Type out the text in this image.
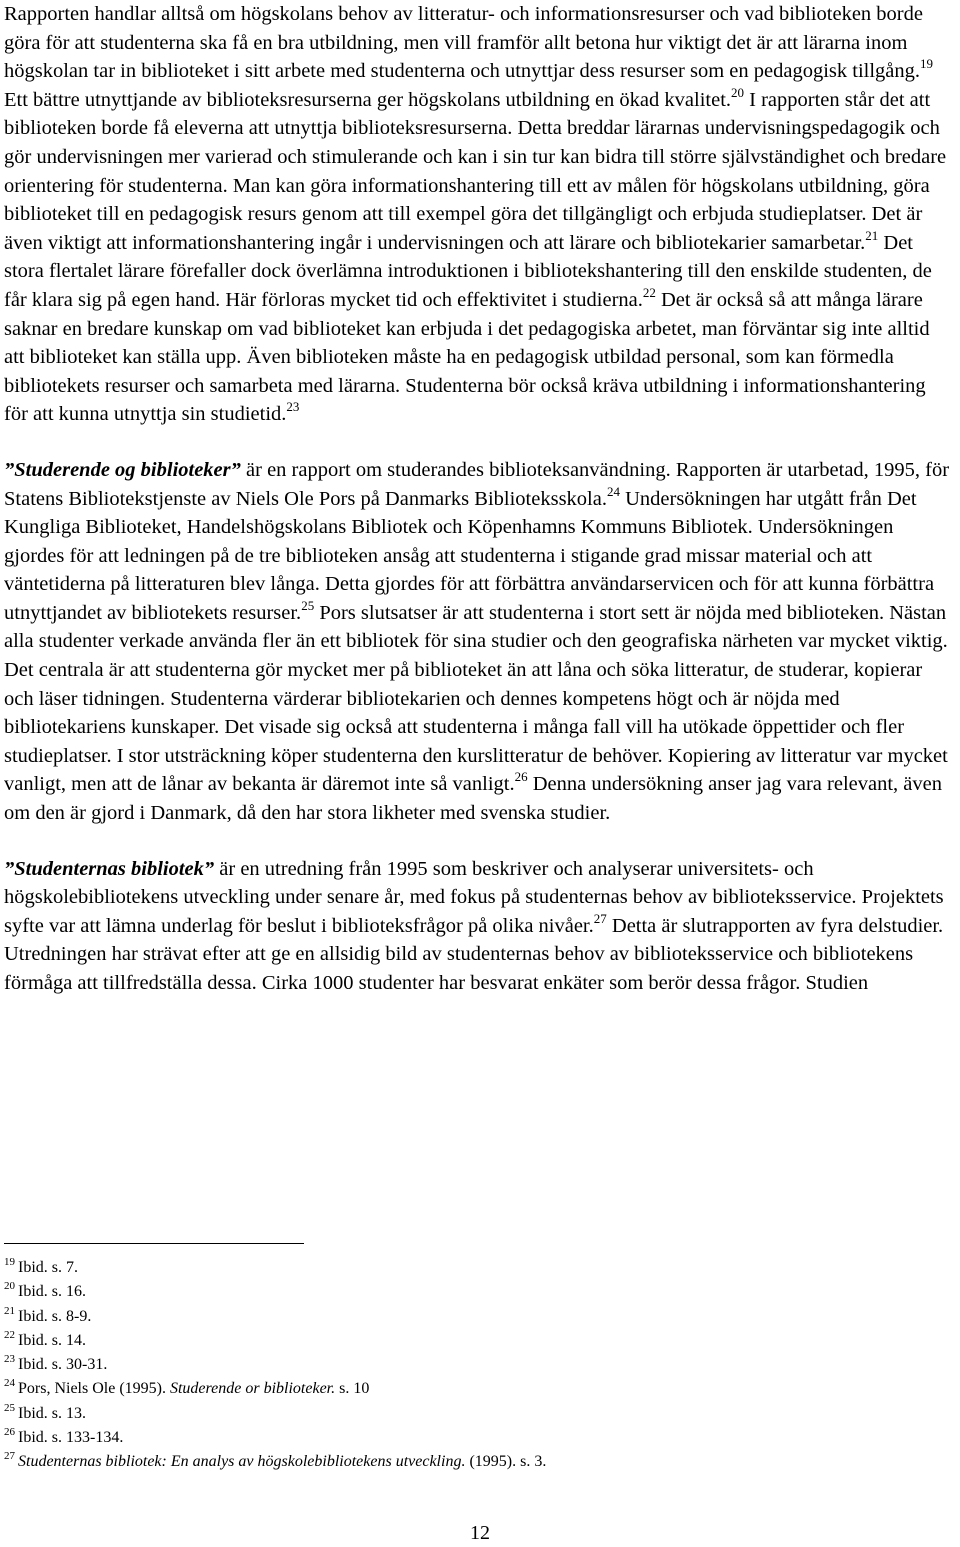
Rapporten handlar alltså om högskolans behov av litteratur- och informationsresurser och vad biblioteken borde göra för att studenterna ska få en bra utbildning, men vill framför allt betona hur viktigt det är att lärarna inom högskolan tar in biblioteket i sitt arbete med studenterna och utnyttjar dess resurser som en pedagogisk tillgång.$^{19}$ Ett bättre utnyttjande av biblioteksresurserna ger högskolans utbildning en ökad kvalitet.$^{20}$ I rapporten står det att biblioteken borde få eleverna att utnyttja biblioteksresurserna. Detta breddar lärarnas undervisningspedagogik och gör undervisningen mer varierad och stimulerande och kan i sin tur kan bidra till större självständighet och bredare orientering för studenterna. Man kan göra informationshantering till ett av målen för högskolans utbildning, göra biblioteket till en pedagogisk resurs genom att till exempel göra det tillgängligt och erbjuda studieplatser. Det är även viktigt att informationshantering ingår i undervisningen och att lärare och bibliotekarier samarbetar.$^{21}$ Det stora flertalet lärare förefaller dock överlämna introduktionen i bibliotekshantering till den enskilde studenten, de får klara sig på egen hand. Här förloras mycket tid och effektivitet i studierna.$^{22}$ Det är också så att många lärare saknar en bredare kunskap om vad biblioteket kan erbjuda i det pedagogiska arbetet, man förväntar sig inte alltid att biblioteket kan ställa upp. Även biblioteken måste ha en pedagogisk utbildad personal, som kan förmedla bibliotekets resurser och samarbeta med lärarna. Studenterna bör också kräva utbildning i informationshantering för att kunna utnyttja sin studietid.$^{23}$

”Studerende og biblioteker” är en rapport om studerandes biblioteksanvändning. Rapporten är utarbetad, 1995, för Statens Bibliotekstjenste av Niels Ole Pors på Danmarks Biblioteksskola.$^{24}$ Undersökningen har utgått från Det Kungliga Biblioteket, Handelshögskolans Bibliotek och Köpenhamns Kommuns Bibliotek. Undersökningen gjordes för att ledningen på de tre biblioteken ansåg att studenterna i stigande grad missar material och att väntetiderna på litteraturen blev långa. Detta gjordes för att förbättra användarservicen och för att kunna förbättra utnyttjandet av bibliotekets resurser.$^{25}$ Pors slutsatser är att studenterna i stort sett är nöjda med biblioteken. Nästan alla studenter verkade använda fler än ett bibliotek för sina studier och den geografiska närheten var mycket viktig. Det centrala är att studenterna gör mycket mer på biblioteket än att låna och söka litteratur, de studerar, kopierar och läser tidningen. Studenterna värderar bibliotekarien och dennes kompetens högt och är nöjda med bibliotekariens kunskaper. Det visade sig också att studenterna i många fall vill ha utökade öppettider och fler studieplatser. I stor utsträckning köper studenterna den kurslitteratur de behöver. Kopiering av litteratur var mycket vanligt, men att de lånar av bekanta är däremot inte så vanligt.$^{26}$ Denna undersökning anser jag vara relevant, även om den är gjord i Danmark, då den har stora likheter med svenska studier.

”Studenternas bibliotek” är en utredning från 1995 som beskriver och analyserar universitets- och högskolebibliotekens utveckling under senare år, med fokus på studenternas behov av biblioteksservice. Projektets syfte var att lämna underlag för beslut i biblioteksfrågor på olika nivåer.$^{27}$ Detta är slutrapporten av fyra delstudier. Utredningen har strävat efter att ge en allsidig bild av studenternas behov av biblioteksservice och bibliotekens förmåga att tillfredställa dessa. Cirka 1000 studenter har besvarat enkäter som berör dessa frågor. Studien

$^{19}$ Ibid. s. 7.

$^{20}$ Ibid. s. 16.

$^{21}$ Ibid. s. 8-9.

$^{22}$ Ibid. s. 14.

$^{23}$ Ibid. s. 30-31.

$^{24}$ Pors, Niels Ole (1995). Studerende or biblioteker. s. 10

$^{25}$ Ibid. s. 13.

$^{26}$ Ibid. s. 133-134.

$^{27}$ Studenternas bibliotek: En analys av högskolebibliotekens utveckling. (1995). s. 3.

12
